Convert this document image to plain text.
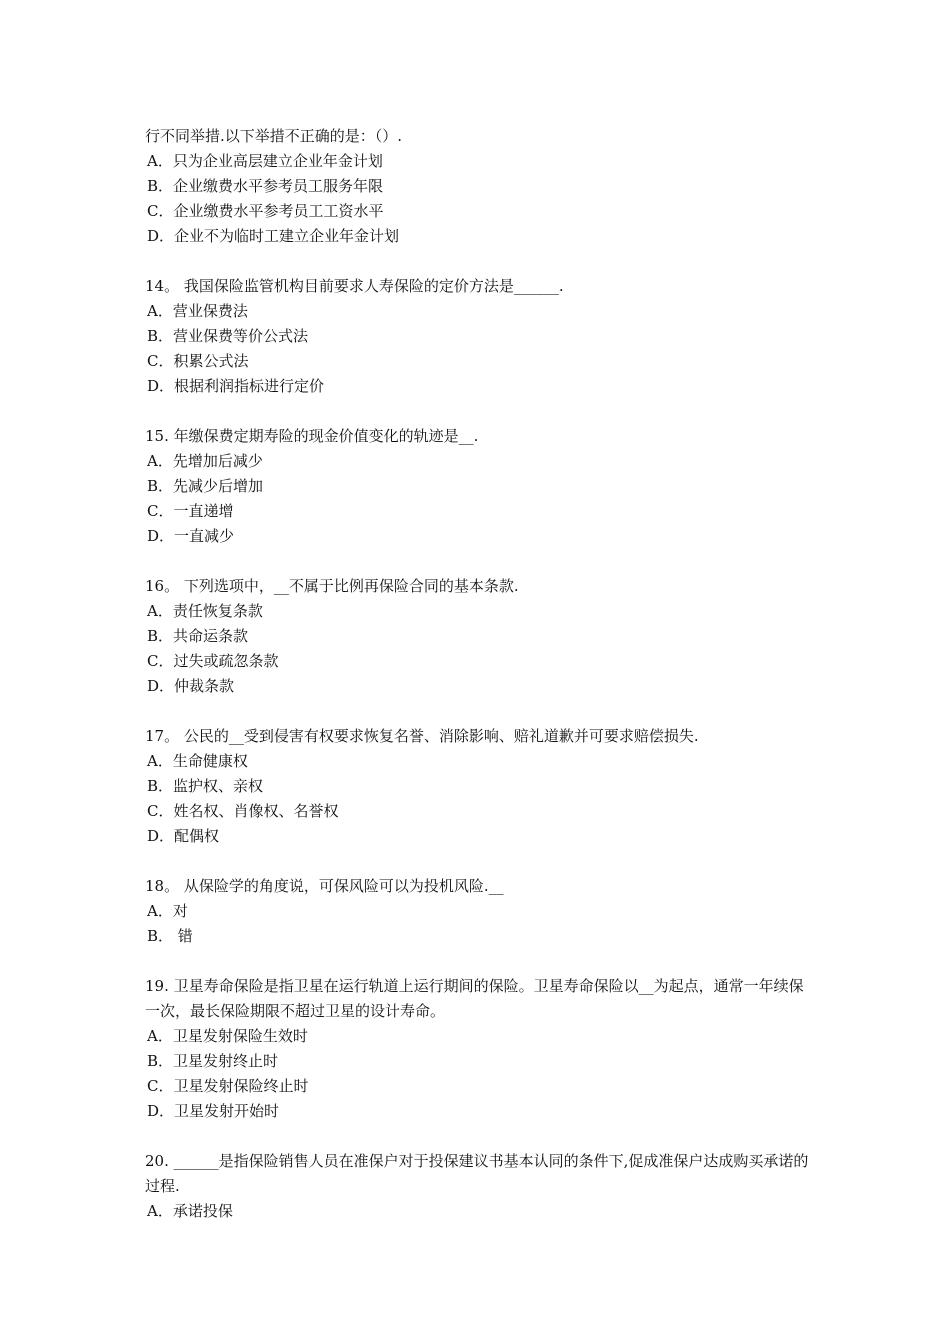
行不同举措.以下举措不正确的是：（）.
A．只为企业高层建立企业年金计划
B．企业缴费水平参考员工服务年限
C．企业缴费水平参考员工工资水平
D．企业不为临时工建立企业年金计划
14。 我国保险监管机构目前要求人寿保险的定价方法是______.
A．营业保费法
B．营业保费等价公式法
C．积累公式法
D．根据利润指标进行定价
15. 年缴保费定期寿险的现金价值变化的轨迹是__.
A．先增加后减少
B．先减少后增加
C．一直递增
D．一直减少
16。 下列选项中，__不属于比例再保险合同的基本条款.
A．责任恢复条款
B．共命运条款
C．过失或疏忽条款
D．仲裁条款
17。 公民的__受到侵害有权要求恢复名誉、消除影响、赔礼道歉并可要求赔偿损失.
A．生命健康权
B．监护权、亲权
C．姓名权、肖像权、名誉权
D．配偶权
18。 从保险学的角度说，可保风险可以为投机风险.__
A．对
B． 错
19. 卫星寿命保险是指卫星在运行轨道上运行期间的保险。卫星寿命保险以__为起点，通常一年续保一次，最长保险期限不超过卫星的设计寿命。
A．卫星发射保险生效时
B．卫星发射终止时
C．卫星发射保险终止时
D．卫星发射开始时
20. ______是指保险销售人员在准保户对于投保建议书基本认同的条件下,促成准保户达成购买承诺的过程.
A．承诺投保
